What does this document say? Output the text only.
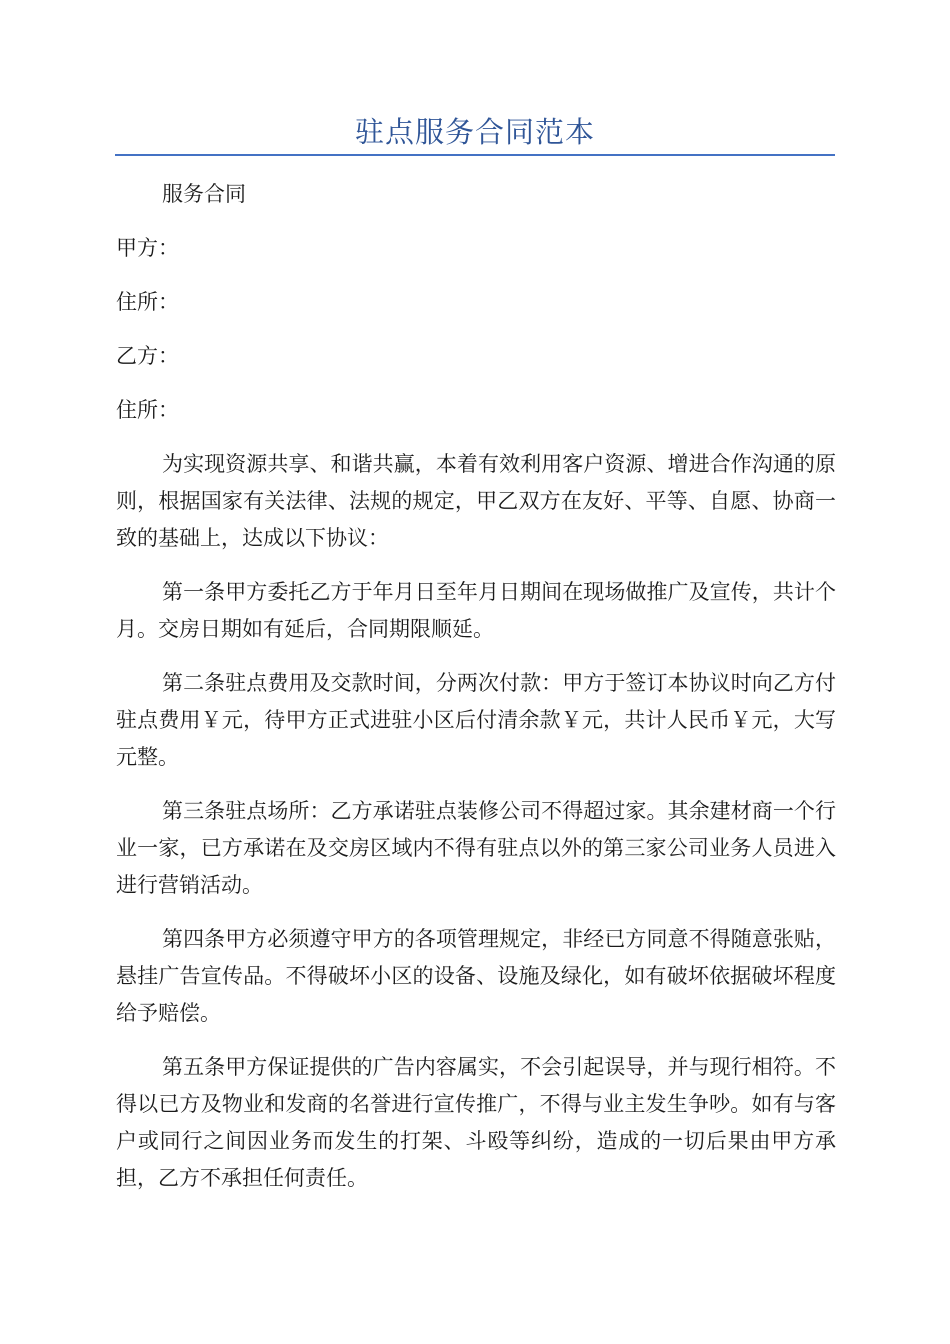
驻点服务合同范本

服务合同

甲方：

住所：

乙方：

住所：

为实现资源共享、和谐共赢，本着有效利用客户资源、增进合作沟通的原则，根据国家有关法律、法规的规定，甲乙双方在友好、平等、自愿、协商一致的基础上，达成以下协议：

第一条甲方委托乙方于年月日至年月日期间在现场做推广及宣传，共计个月。交房日期如有延后，合同期限顺延。

第二条驻点费用及交款时间，分两次付款：甲方于签订本协议时向乙方付驻点费用￥元，待甲方正式进驻小区后付清余款￥元，共计人民币￥元，大写元整。

第三条驻点场所：乙方承诺驻点装修公司不得超过家。其余建材商一个行业一家，已方承诺在及交房区域内不得有驻点以外的第三家公司业务人员进入进行营销活动。

第四条甲方必须遵守甲方的各项管理规定，非经已方同意不得随意张贴，悬挂广告宣传品。不得破坏小区的设备、设施及绿化，如有破坏依据破坏程度给予赔偿。

第五条甲方保证提供的广告内容属实，不会引起误导，并与现行相符。不得以已方及物业和发商的名誉进行宣传推广，不得与业主发生争吵。如有与客户或同行之间因业务而发生的打架、斗殴等纠纷，造成的一切后果由甲方承担，乙方不承担任何责任。
